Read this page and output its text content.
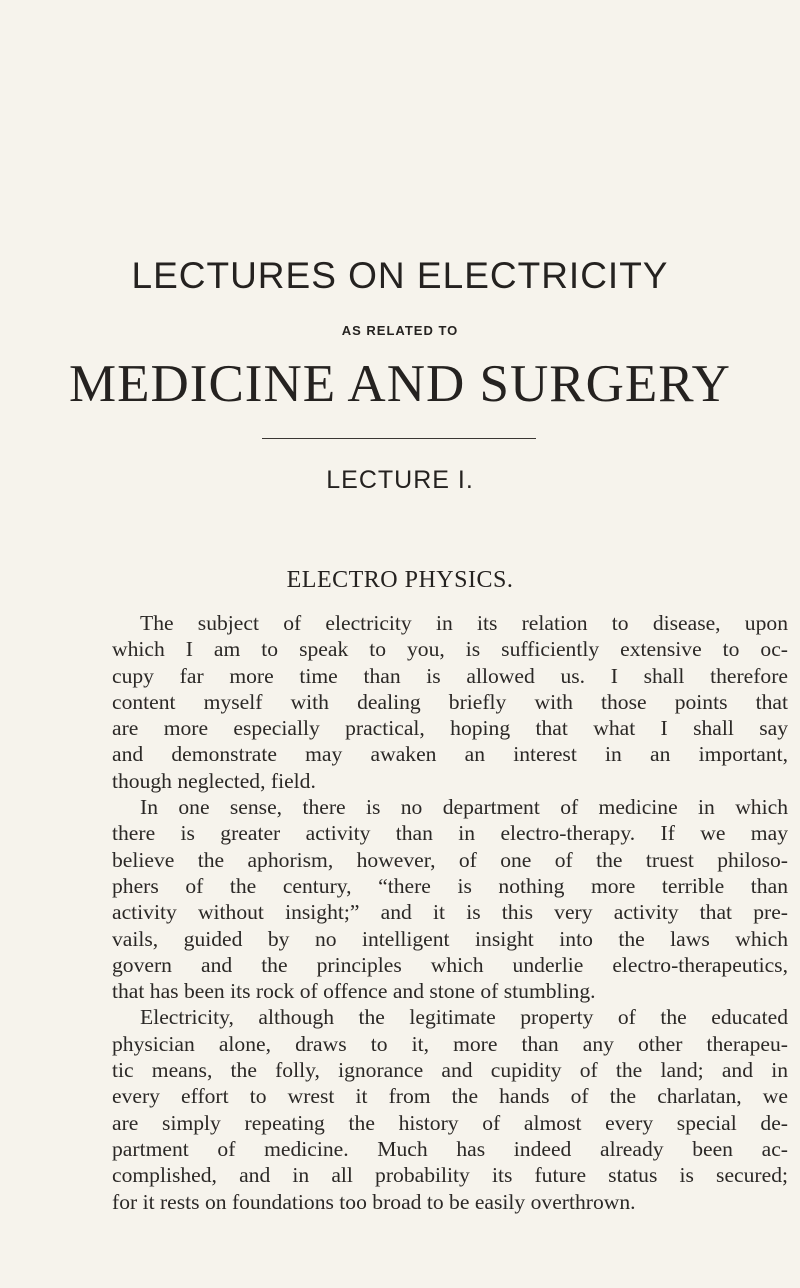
LECTURES ON ELECTRICITY
AS RELATED TO
MEDICINE AND SURGERY
LECTURE I.
ELECTRO PHYSICS.
The subject of electricity in its relation to disease, upon
which I am to speak to you, is sufficiently extensive to oc-
cupy far more time than is allowed us. I shall therefore
content myself with dealing briefly with those points that
are more especially practical, hoping that what I shall say
and demonstrate may awaken an interest in an important,
though neglected, field.
In one sense, there is no department of medicine in which
there is greater activity than in electro-therapy. If we may
believe the aphorism, however, of one of the truest philoso-
phers of the century, “there is nothing more terrible than
activity without insight;” and it is this very activity that pre-
vails, guided by no intelligent insight into the laws which
govern and the principles which underlie electro-therapeutics,
that has been its rock of offence and stone of stumbling.
Electricity, although the legitimate property of the educated
physician alone, draws to it, more than any other therapeu-
tic means, the folly, ignorance and cupidity of the land; and in
every effort to wrest it from the hands of the charlatan, we
are simply repeating the history of almost every special de-
partment of medicine. Much has indeed already been ac-
complished, and in all probability its future status is secured;
for it rests on foundations too broad to be easily overthrown.
